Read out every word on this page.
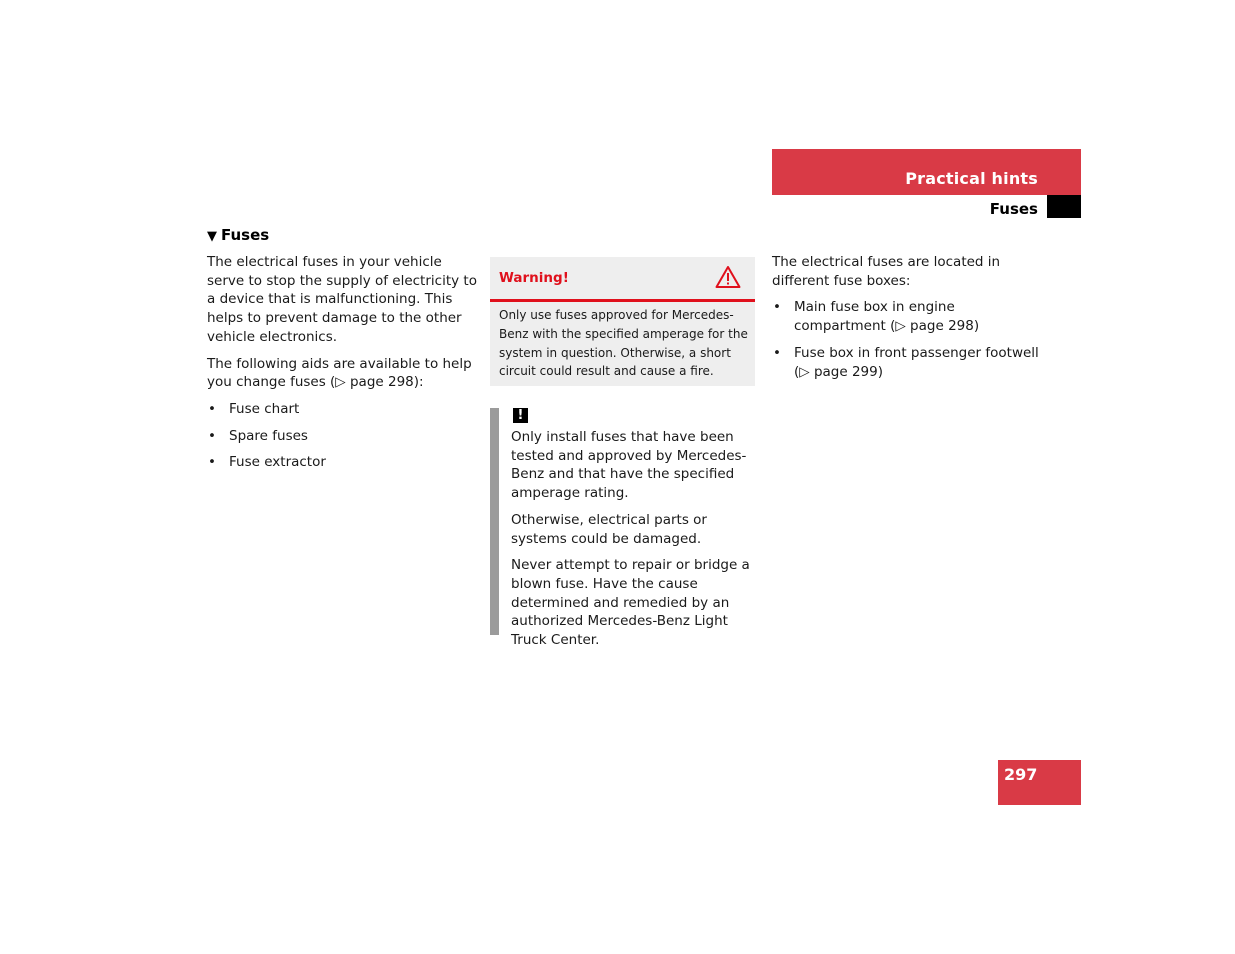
Practical hints
Fuses
▼ Fuses

The electrical fuses in your vehicle serve to stop the supply of electricity to a device that is malfunctioning. This helps to prevent damage to the other vehicle electronics.

The following aids are available to help you change fuses (▷ page 298):

• Fuse chart
• Spare fuses
• Fuse extractor
Warning!
Only use fuses approved for Mercedes-Benz with the specified amperage for the system in question. Otherwise, a short circuit could result and cause a fire.
!

Only install fuses that have been tested and approved by Mercedes-Benz and that have the specified amperage rating.

Otherwise, electrical parts or systems could be damaged.

Never attempt to repair or bridge a blown fuse. Have the cause determined and remedied by an authorized Mercedes-Benz Light Truck Center.

The electrical fuses are located in different fuse boxes:

• Main fuse box in engine compartment (▷ page 298)
• Fuse box in front passenger footwell (▷ page 299)
297
